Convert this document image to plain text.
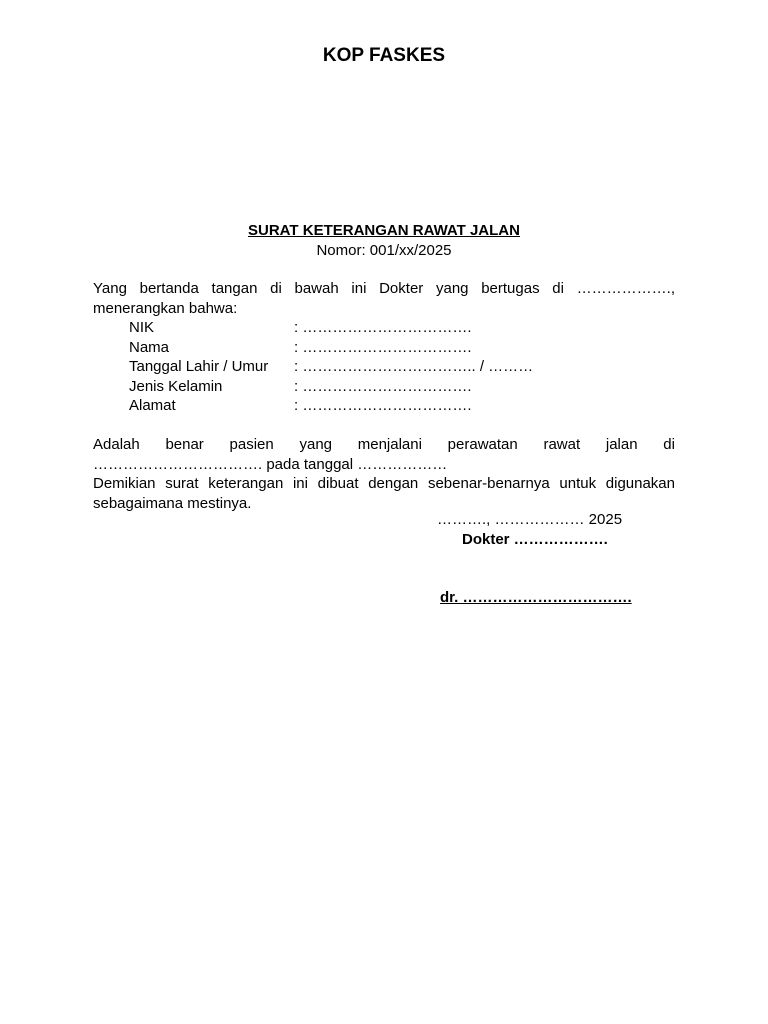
KOP FASKES
SURAT KETERANGAN RAWAT JALAN
Nomor: 001/xx/2025
Yang bertanda tangan di bawah ini Dokter yang bertugas di ……………….,
menerangkan bahwa:
NIK	: …………………………….
Nama	: …………………………….
Tanggal Lahir / Umur	: …………………………….. / ………
Jenis Kelamin	: …………………………….
Alamat	: …………………………….
Adalah benar pasien yang menjalani perawatan rawat jalan di
……………………………. pada tanggal ………………
Demikian surat keterangan ini dibuat dengan sebenar-benarnya untuk digunakan
sebagaimana mestinya.
………., ……………… 2025
Dokter ……………….
dr. …………………………….
